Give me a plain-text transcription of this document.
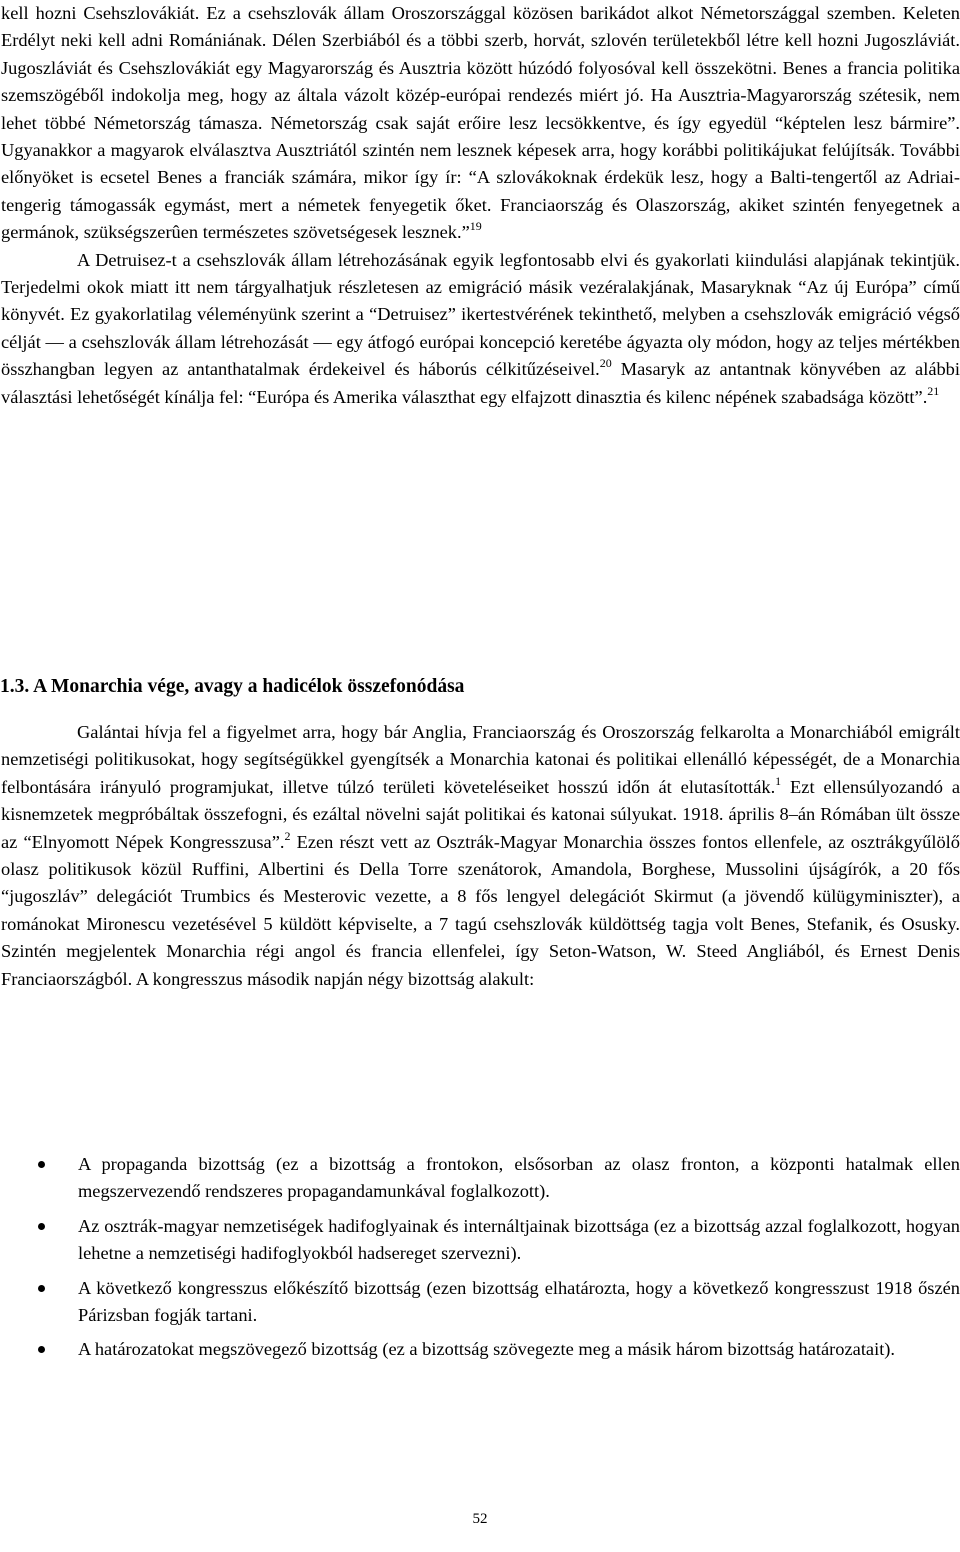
kell hozni Csehszlovákiát. Ez a csehszlovák állam Oroszországgal közösen barikádot alkot Németországgal szemben. Keleten Erdélyt neki kell adni Romániának. Délen Szerbiából és a többi szerb, horvát, szlovén területekből létre kell hozni Jugoszláviát. Jugoszláviát és Csehszlovákiát egy Magyarország és Ausztria között húzódó folyosóval kell összekötni. Benes a francia politika szemszögéből indokolja meg, hogy az általa vázolt közép-európai rendezés miért jó. Ha Ausztria-Magyarország szétesik, nem lehet többé Németország támasza. Németország csak saját erőire lesz lecsökkentve, és így egyedül “képtelen lesz bármire”. Ugyanakkor a magyarok elválasztva Ausztriától szintén nem lesznek képesek arra, hogy korábbi politikájukat felújítsák. További előnyöket is ecsetel Benes a franciák számára, mikor így ír: “A szlovákoknak érdekük lesz, hogy a Balti-tengertől az Adriai-tengerig támogassák egymást, mert a németek fenyegetik őket. Franciaország és Olaszország, akiket szintén fenyegetnek a germánok, szükségszerûen természetes szövetségesek lesznek.”$^{19}$

A Detruisez-t a csehszlovák állam létrehozásának egyik legfontosabb elvi és gyakorlati kiindulási alapjának tekintjük. Terjedelmi okok miatt itt nem tárgyalhatjuk részletesen az emigráció másik vezéralakjának, Masaryknak “Az új Európa” című könyvét. Ez gyakorlatilag véleményünk szerint a “Detruisez” ikertestvérének tekinthető, melyben a csehszlovák emigráció végső célját — a csehszlovák állam létrehozását — egy átfogó európai koncepció keretébe ágyazta oly módon, hogy az teljes mértékben összhangban legyen az antanthatalmak érdekeivel és háborús célkitűzéseivel.$^{20}$ Masaryk az antantnak könyvében az alábbi választási lehetőségét kínálja fel: “Európa és Amerika választhat egy elfajzott dinasztia és kilenc népének szabadsága között”.$^{21}$

1.3. A Monarchia vége, avagy a hadicélok összefonódása

Galántai hívja fel a figyelmet arra, hogy bár Anglia, Franciaország és Oroszország felkarolta a Monarchiából emigrált nemzetiségi politikusokat, hogy segítségükkel gyengítsék a Monarchia katonai és politikai ellenálló képességét, de a Monarchia felbontására irányuló programjukat, illetve túlzó területi követeléseiket hosszú időn át elutasították.$^1$ Ezt ellensúlyozandó a kisnemzetek megpróbáltak összefogni, és ezáltal növelni saját politikai és katonai súlyukat. 1918. április 8–án Rómában ült össze az “Elnyomott Népek Kongresszusa”.$^2$ Ezen részt vett az Osztrák-Magyar Monarchia összes fontos ellenfele, az osztrákgyűlölő olasz politikusok közül Ruffini, Albertini és Della Torre szenátorok, Amandola, Borghese, Mussolini újságírók, a 20 fős “jugoszláv” delegációt Trumbics és Mesterovic vezette, a 8 fős lengyel delegációt Skirmut (a jövendő külügyminiszter), a románokat Mironescu vezetésével 5 küldött képviselte, a 7 tagú csehszlovák küldöttség tagja volt Benes, Stefanik, és Osusky. Szintén megjelentek Monarchia régi angol és francia ellenfelei, így Seton-Watson, W. Steed Angliából, és Ernest Denis Franciaországból. A kongresszus második napján négy bizottság alakult:

A propaganda bizottság (ez a bizottság a frontokon, elsősorban az olasz fronton, a központi hatalmak ellen megszervezendő rendszeres propagandamunkával foglalkozott).
Az osztrák-magyar nemzetiségek hadifoglyainak és internáltjainak bizottsága (ez a bizottság azzal foglalkozott, hogyan lehetne a nemzetiségi hadifoglyokból hadsereget szervezni).
A következő kongresszus előkészítő bizottság (ezen bizottság elhatározta, hogy a következő kongresszust 1918 őszén Párizsban fogják tartani.
A határozatokat megszövegező bizottság (ez a bizottság szövegezte meg a másik három bizottság határozatait).
52
